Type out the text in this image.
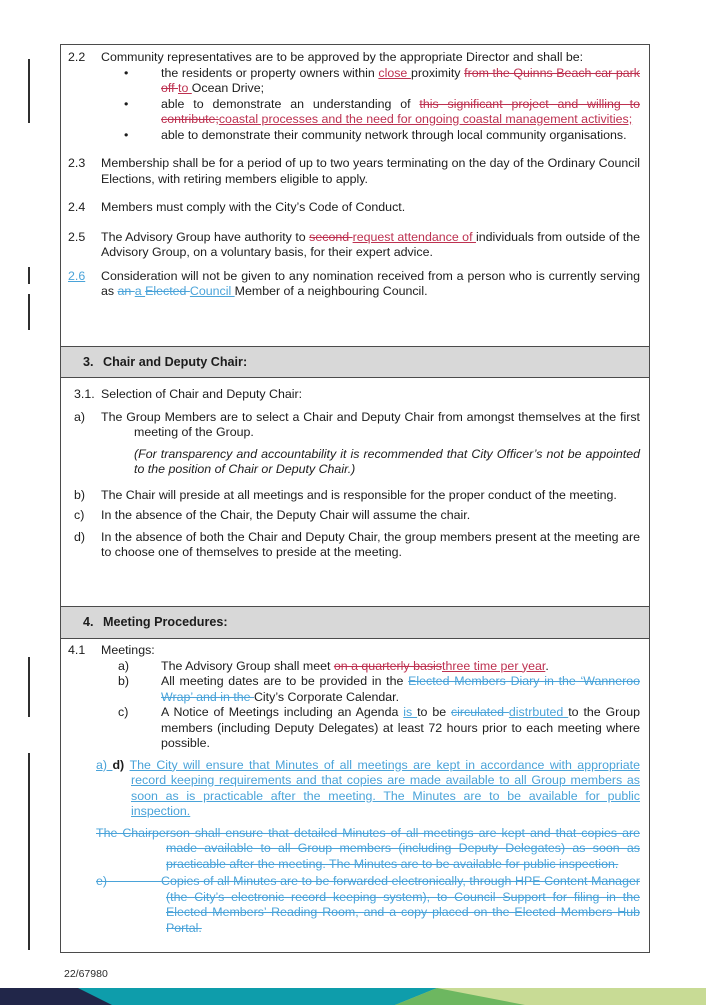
2.2	Community representatives are to be approved by the appropriate Director and shall be:
•	the residents or property owners within close proximity from the Quinns Beach car park off to Ocean Drive;
•	able to demonstrate an understanding of this significant project and willing to contribute;coastal processes and the need for ongoing coastal management activities;
•	able to demonstrate their community network through local community organisations.
2.3	Membership shall be for a period of up to two years terminating on the day of the Ordinary Council Elections, with retiring members eligible to apply.
2.4	Members must comply with the City’s Code of Conduct.
2.5	The Advisory Group have authority to second request attendance of individuals from outside of the Advisory Group, on a voluntary basis, for their expert advice.
2.6	Consideration will not be given to any nomination received from a person who is currently serving as an a Elected Council Member of a neighbouring Council.
3. Chair and Deputy Chair:
3.1. Selection of Chair and Deputy Chair:
a)	The Group Members are to select a Chair and Deputy Chair from amongst themselves at the first meeting of the Group.
(For transparency and accountability it is recommended that City Officer’s not be appointed to the position of Chair or Deputy Chair.)
b)	The Chair will preside at all meetings and is responsible for the proper conduct of the meeting.
c)	In the absence of the Chair, the Deputy Chair will assume the chair.
d)	In the absence of both the Chair and Deputy Chair, the group members present at the meeting are to choose one of themselves to preside at the meeting.
4. Meeting Procedures:
4.1	Meetings:
a)	The Advisory Group shall meet on a quarterly basisthree time per year.
b)	All meeting dates are to be provided in the Elected Members Diary in the ‘Wanneroo Wrap’ and in the City’s Corporate Calendar.
c)	A Notice of Meetings including an Agenda is to be circulated distrbuted to the Group members (including Deputy Delegates) at least 72 hours prior to each meeting where possible.
a) d) The City will ensure that Minutes of all meetings are kept in accordance with appropriate record keeping requirements and that copies are made available to all Group members as soon as is practicable after the meeting. The Minutes are to be available for public inspection.
The Chairperson shall ensure that detailed Minutes of all meetings are kept and that copies are made available to all Group members (including Deputy Delegates) as soon as practicable after the meeting. The Minutes are to be available for public inspection.
e)	Copies of all Minutes are to be forwarded electronically, through HPE Content Manager (the City’s electronic record keeping system), to Council Support for filing in the Elected Members’ Reading Room, and a copy placed on the Elected Members Hub Portal.
22/67980
